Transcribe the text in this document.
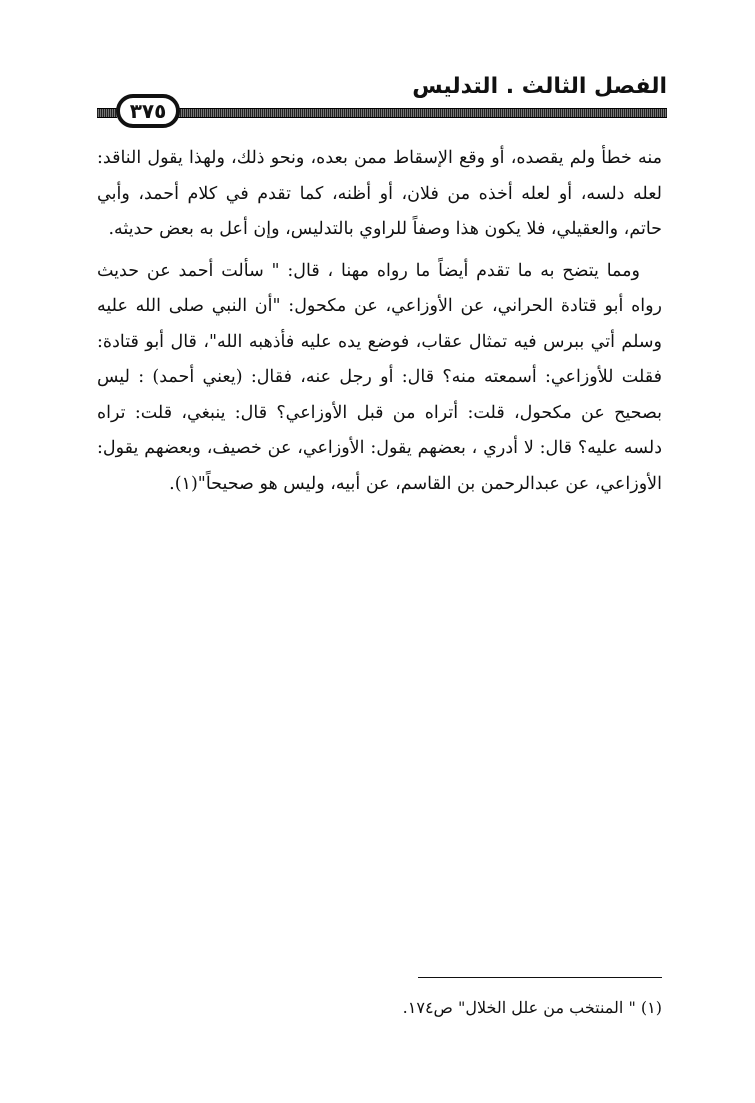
الفصل الثالث . التدليس
٣٧٥

منه خطأ ولم يقصده، أو وقع الإسقاط ممن بعده، ونحو ذلك، ولهذا يقول الناقد: لعله دلسه، أو لعله أخذه من فلان، أو أظنه، كما تقدم في كلام أحمد، وأبي حاتم، والعقيلي، فلا يكون هذا وصفاً للراوي بالتدليس، وإن أعل به بعض حديثه.

ومما يتضح به ما تقدم أيضاً ما رواه مهنا ، قال: " سألت أحمد عن حديث رواه أبو قتادة الحراني، عن الأوزاعي، عن مكحول: "أن النبي صلى الله عليه وسلم أتي ببرس فيه تمثال عقاب، فوضع يده عليه فأذهبه الله"، قال أبو قتادة: فقلت للأوزاعي: أسمعته منه؟ قال: أو رجل عنه، فقال: (يعني أحمد) : ليس بصحيح عن مكحول، قلت: أتراه من قبل الأوزاعي؟ قال: ينبغي، قلت: تراه دلسه عليه؟ قال: لا أدري ، بعضهم يقول: الأوزاعي، عن خصيف، وبعضهم يقول: الأوزاعي، عن عبدالرحمن بن القاسم، عن أبيه، وليس هو صحيحاً"(١).

(١) " المنتخب من علل الخلال" ص١٧٤.
